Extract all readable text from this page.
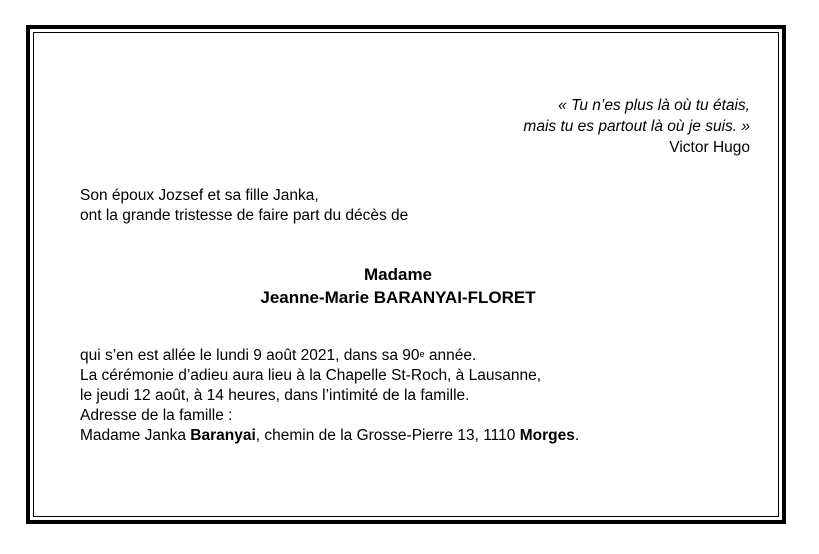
« Tu n’es plus là où tu étais,
mais tu es partout là où je suis. »
Victor Hugo
Son époux Jozsef et sa fille Janka,
ont la grande tristesse de faire part du décès de
Madame
Jeanne-Marie BARANYAI-FLORET
qui s’en est allée le lundi 9 août 2021, dans sa 90e année.
La cérémonie d’adieu aura lieu à la Chapelle St-Roch, à Lausanne,
le jeudi 12 août, à 14 heures, dans l’intimité de la famille.
Adresse de la famille :
Madame Janka Baranyai, chemin de la Grosse-Pierre 13, 1110 Morges.
